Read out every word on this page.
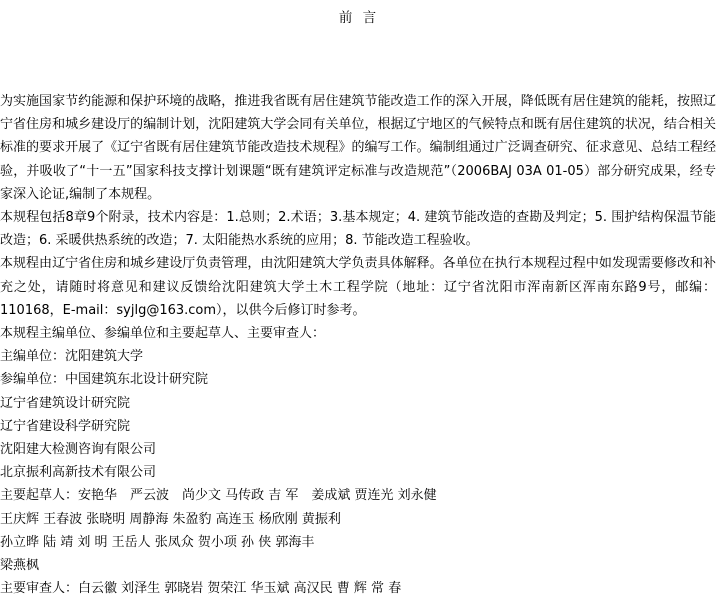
前 言

为实施国家节约能源和保护环境的战略，推进我省既有居住建筑节能改造工作的深入开展，降低既有居住建筑的能耗，按照辽宁省住房和城乡建设厅的编制计划，沈阳建筑大学会同有关单位，根据辽宁地区的气候特点和既有居住建筑的状况，结合相关标准的要求开展了《辽宁省既有居住建筑节能改造技术规程》的编写工作。编制组通过广泛调查研究、征求意见、总结工程经验，并吸收了“十一五”国家科技支撑计划课题“既有建筑评定标准与改造规范”（2006BAJ 03A 01-05）部分研究成果，经专家深入论证,编制了本规程。

本规程包括8章9个附录，技术内容是：1.总则；2.术语；3.基本规定；4. 建筑节能改造的查勘及判定；5. 围护结构保温节能改造；6. 采暖供热系统的改造；7. 太阳能热水系统的应用；8. 节能改造工程验收。

本规程由辽宁省住房和城乡建设厅负责管理，由沈阳建筑大学负责具体解释。各单位在执行本规程过程中如发现需要修改和补充之处，请随时将意见和建议反馈给沈阳建筑大学土木工程学院（地址：辽宁省沈阳市浑南新区浑南东路9号，邮编：110168，E-mail：syjlg@163.com），以供今后修订时参考。

本规程主编单位、参编单位和主要起草人、主要审查人：

主编单位：沈阳建筑大学

参编单位：中国建筑东北设计研究院

辽宁省建筑设计研究院

辽宁省建设科学研究院

沈阳建大检测咨询有限公司

北京振利高新技术有限公司

主要起草人：安艳华　严云波　尚少文 马传政 吉 军　姜成斌 贾连光 刘永健

王庆辉 王春波 张晓明 周静海 朱盈豹 高连玉 杨欣刚 黄振利

孙立晔 陆 靖 刘 明 王岳人 张凤众 贺小项 孙 侠 郭海丰

梁燕枫

主要审查人：白云徽 刘泽生 郭晓岩 贺荣江 华玉斌 高汉民 曹 辉 常 春
